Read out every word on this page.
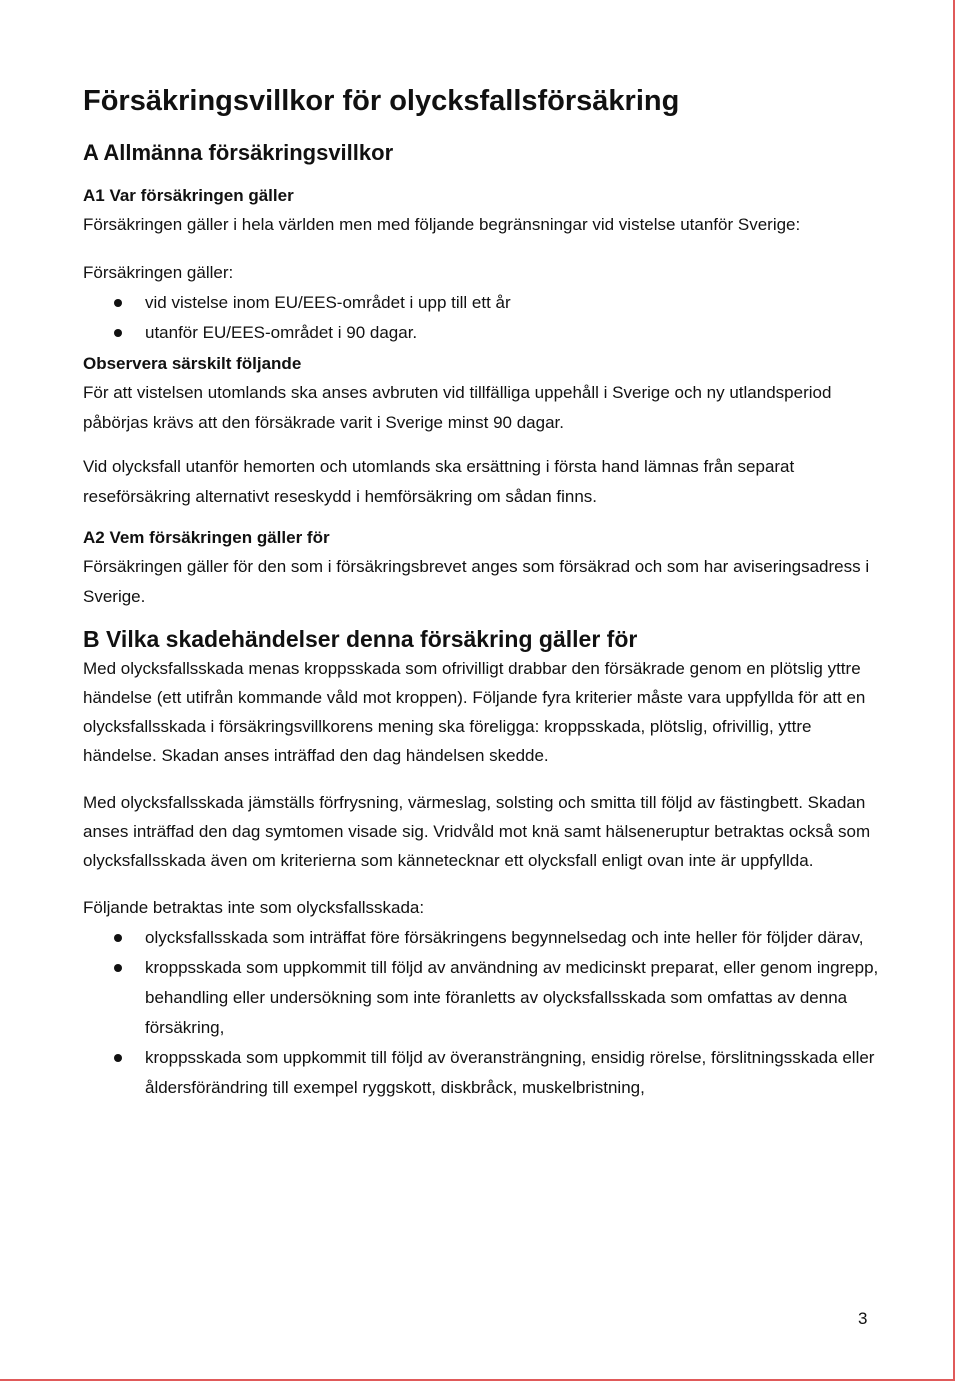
Försäkringsvillkor för olycksfallsförsäkring
A Allmänna försäkringsvillkor
A1 Var försäkringen gäller

Försäkringen gäller i hela världen men med följande begränsningar vid vistelse utanför Sverige:

Försäkringen gäller:

vid vistelse inom EU/EES-området i upp till ett år
utanför EU/EES-området i 90 dagar.
Observera särskilt följande

För att vistelsen utomlands ska anses avbruten vid tillfälliga uppehåll i Sverige och ny utlandsperiod påbörjas krävs att den försäkrade varit i Sverige minst 90 dagar.

Vid olycksfall utanför hemorten och utomlands ska ersättning i första hand lämnas från separat reseförsäkring alternativt reseskydd i hemförsäkring om sådan finns.

A2 Vem försäkringen gäller för

Försäkringen gäller för den som i försäkringsbrevet anges som försäkrad och som har aviseringsadress i Sverige.

B Vilka skadehändelser denna försäkring gäller för

Med olycksfallsskada menas kroppsskada som ofrivilligt drabbar den försäkrade genom en plötslig yttre händelse (ett utifrån kommande våld mot kroppen). Följande fyra kriterier måste vara uppfyllda för att en olycksfallsskada i försäkringsvillkorens mening ska föreligga: kroppsskada, plötslig, ofrivillig, yttre händelse. Skadan anses inträffad den dag händelsen skedde.

Med olycksfallsskada jämställs förfrysning, värmeslag, solsting och smitta till följd av fästingbett. Skadan anses inträffad den dag symtomen visade sig. Vridvåld mot knä samt hälseneruptur betraktas också som olycksfallsskada även om kriterierna som kännetecknar ett olycksfall enligt ovan inte är uppfyllda.

Följande betraktas inte som olycksfallsskada:

olycksfallsskada som inträffat före försäkringens begynnelsedag och inte heller för följder därav,
kroppsskada som uppkommit till följd av användning av medicinskt preparat, eller genom ingrepp, behandling eller undersökning som inte föranletts av olycksfallsskada som omfattas av denna försäkring,
kroppsskada som uppkommit till följd av överansträngning, ensidig rörelse, förslitningsskada eller åldersförändring till exempel ryggskott, diskbråck, muskelbristning,
3
